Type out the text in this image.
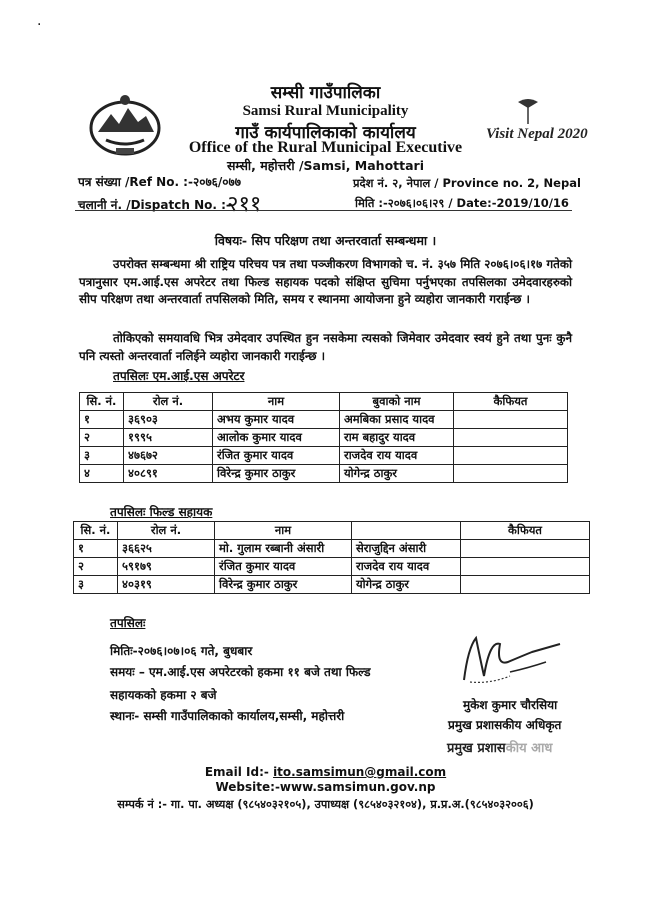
·
सम्सी गाउँपालिका
Samsi Rural Municipality
गाउँ कार्यपालिकाको कार्यालय
Office of the Rural Municipal Executive
सम्सी, महोत्तरी /Samsi, Mahottari
Visit Nepal 2020
पत्र संख्या /Ref No. :-२०७६/०७७
चलानी नं. /Dispatch No. :-
२११
प्रदेश नं. २, नेपाल / Province no. 2, Nepal
मिति :-२०७६।०६।२९ / Date:-2019/10/16
विषयः- सिप परिक्षण तथा अन्तरवार्ता सम्बन्धमा ।
उपरोक्त सम्बन्धमा श्री राष्ट्रिय परिचय पत्र तथा पञ्जीकरण विभागको च. नं. ३५७ मिति २०७६।०६।१७ गतेको पत्रानुसार एम.आई.एस अपरेटर तथा फिल्ड सहायक पदको संक्षिप्त सुचिमा पर्नुभएका तपसिलका उमेदवारहरुको सीप परिक्षण तथा अन्तरवार्ता तपसिलको मिति, समय र स्थानमा आयोजना हुने व्यहोरा जानकारी गराईन्छ ।
तोकिएको समयावधि भित्र उमेदवार उपस्थित हुन नसकेमा त्यसको जिमेवार उमेदवार स्वयं हुने तथा पुनः कुनै पनि त्यस्तो अन्तरवार्ता नलिईने व्यहोरा जानकारी गराईन्छ ।
तपसिलः एम.आई.एस अपरेटर
सि. नं.	रोल नं.	नाम	बुवाको नाम	कैफियत
१	३६९०३	अभय कुमार यादव	अमबिका प्रसाद यादव	
२	१९९५	आलोक कुमार यादव	राम बहादुर यादव	
३	४७६७२	रंजित कुमार यादव	राजदेव राय यादव	
४	४०८९१	विरेन्द्र कुमार ठाकुर	योगेन्द्र ठाकुर	
तपसिलः फिल्ड सहायक
सि. नं.	रोल नं.	नाम		कैफियत
१	३६६२५	मो. गुलाम रब्बानी अंसारी	सेराजुद्दिन अंसारी	
२	५९१७९	रंजित कुमार यादव	राजदेव राय यादव	
३	४०३१९	विरेन्द्र कुमार ठाकुर	योगेन्द्र ठाकुर	
तपसिलः
मितिः-२०७६।०७।०६ गते, बुधबार
समयः – एम.आई.एस अपरेटरको हकमा ११ बजे तथा फिल्ड
सहायकको हकमा २ बजे
स्थानः- सम्सी गाउँपालिकाको कार्यालय,सम्सी, महोत्तरी
मुकेश कुमार चौरसिया
प्रमुख प्रशासकीय अधिकृत
प्रमुख प्रशासकीय आध
Email Id:- ito.samsimun@gmail.com
Website:-www.samsimun.gov.np
सम्पर्क नं :- गा. पा. अध्यक्ष (९८५४०३२१०५), उपाध्यक्ष (९८५४०३२१०४), प्र.प्र.अ.(९८५४०३२००६)
